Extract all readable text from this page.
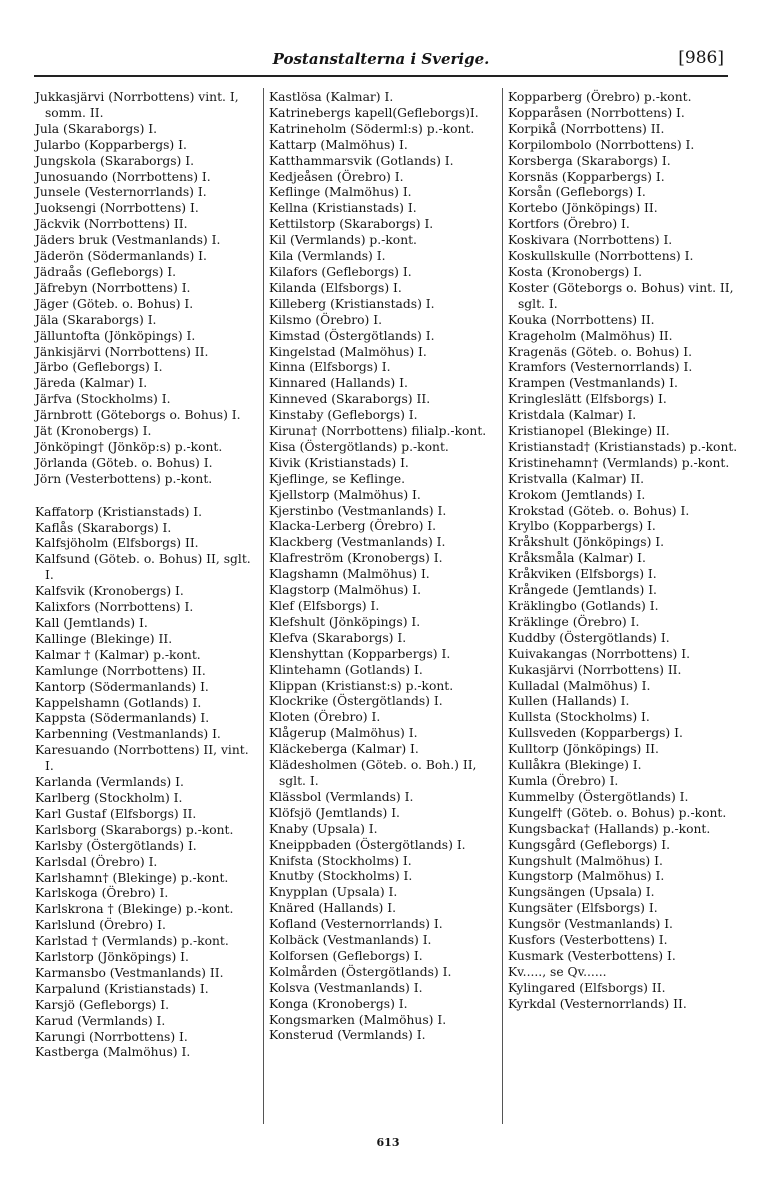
Postanstalterna i Sverige.	[986]
Jukkasjärvi (Norrbottens) vint. I, somm. II.
Jula (Skaraborgs) I.
Jularbo (Kopparbergs) I.
Jungskola (Skaraborgs) I.
Junosuando (Norrbottens) I.
Junsele (Vesternorrlands) I.
Juoksengi (Norrbottens) I.
Jäckvik (Norrbottens) II.
Jäders bruk (Vestmanlands) I.
Jäderön (Södermanlands) I.
Jädraås (Gefleborgs) I.
Jäfrebyn (Norrbottens) I.
Jäger (Göteb. o. Bohus) I.
Jäla (Skaraborgs) I.
Jälluntofta (Jönköpings) I.
Jänkisjärvi (Norrbottens) II.
Järbo (Gefleborgs) I.
Järeda (Kalmar) I.
Järfva (Stockholms) I.
Järnbrott (Göteborgs o. Bohus) I.
Jät (Kronobergs) I.
Jönköping† (Jönköp:s) p.-kont.
Jörlanda (Göteb. o. Bohus) I.
Jörn (Vesterbottens) p.-kont.
Kaffatorp (Kristianstads) I.
Kaflås (Skaraborgs) I.
Kalfsjöholm (Elfsborgs) II.
Kalfsund (Göteb. o. Bohus) II, sglt. I.
Kalfsvik (Kronobergs) I.
Kalixfors (Norrbottens) I.
Kall (Jemtlands) I.
Kallinge (Blekinge) II.
Kalmar † (Kalmar) p.-kont.
Kamlunge (Norrbottens) II.
Kantorp (Södermanlands) I.
Kappelshamn (Gotlands) I.
Kappsta (Södermanlands) I.
Karbenning (Vestmanlands) I.
Karesuando (Norrbottens) II, vint. I.
Karlanda (Vermlands) I.
Karlberg (Stockholm) I.
Karl Gustaf (Elfsborgs) II.
Karlsborg (Skaraborgs) p.-kont.
Karlsby (Östergötlands) I.
Karlsdal (Örebro) I.
Karlshamn† (Blekinge) p.-kont.
Karlskoga (Örebro) I.
Karlskrona † (Blekinge) p.-kont.
Karlslund (Örebro) I.
Karlstad † (Vermlands) p.-kont.
Karlstorp (Jönköpings) I.
Karmansbo (Vestmanlands) II.
Karpalund (Kristianstads) I.
Karsjö (Gefleborgs) I.
Karud (Vermlands) I.
Karungi (Norrbottens) I.
Kastberga (Malmöhus) I.
Kastlösa (Kalmar) I.
Katrinebergs kapell(Gefleborgs)I.
Katrineholm (Söderml:s) p.-kont.
Kattarp (Malmöhus) I.
Katthammarsvik (Gotlands) I.
Kedjeåsen (Örebro) I.
Keflinge (Malmöhus) I.
Kellna (Kristianstads) I.
Kettilstorp (Skaraborgs) I.
Kil (Vermlands) p.-kont.
Kila (Vermlands) I.
Kilafors (Gefleborgs) I.
Kilanda (Elfsborgs) I.
Killeberg (Kristianstads) I.
Kilsmo (Örebro) I.
Kimstad (Östergötlands) I.
Kingelstad (Malmöhus) I.
Kinna (Elfsborgs) I.
Kinnared (Hallands) I.
Kinneved (Skaraborgs) II.
Kinstaby (Gefleborgs) I.
Kiruna† (Norrbottens) filialp.-kont.
Kisa (Östergötlands) p.-kont.
Kivik (Kristianstads) I.
Kjeflinge, se Keflinge.
Kjellstorp (Malmöhus) I.
Kjerstinbo (Vestmanlands) I.
Klacka-Lerberg (Örebro) I.
Klackberg (Vestmanlands) I.
Klafreström (Kronobergs) I.
Klagshamn (Malmöhus) I.
Klagstorp (Malmöhus) I.
Klef (Elfsborgs) I.
Klefshult (Jönköpings) I.
Klefva (Skaraborgs) I.
Klenshyttan (Kopparbergs) I.
Klintehamn (Gotlands) I.
Klippan (Kristianst:s) p.-kont.
Klockrike (Östergötlands) I.
Kloten (Örebro) I.
Klågerup (Malmöhus) I.
Kläckeberga (Kalmar) I.
Klädesholmen (Göteb. o. Boh.) II, sglt. I.
Klässbol (Vermlands) I.
Klöfsjö (Jemtlands) I.
Knaby (Upsala) I.
Kneippbaden (Östergötlands) I.
Knifsta (Stockholms) I.
Knutby (Stockholms) I.
Knypplan (Upsala) I.
Knäred (Hallands) I.
Kofland (Vesternorrlands) I.
Kolbäck (Vestmanlands) I.
Kolforsen (Gefleborgs) I.
Kolmården (Östergötlands) I.
Kolsva (Vestmanlands) I.
Konga (Kronobergs) I.
Kongsmarken (Malmöhus) I.
Konsterud (Vermlands) I.
Kopparberg (Örebro) p.-kont.
Kopparåsen (Norrbottens) I.
Korpikå (Norrbottens) II.
Korpilombolo (Norrbottens) I.
Korsberga (Skaraborgs) I.
Korsnäs (Kopparbergs) I.
Korsån (Gefleborgs) I.
Kortebo (Jönköpings) II.
Kortfors (Örebro) I.
Koskivara (Norrbottens) I.
Koskullskulle (Norrbottens) I.
Kosta (Kronobergs) I.
Koster (Göteborgs o. Bohus) vint. II, sglt. I.
Kouka (Norrbottens) II.
Krageholm (Malmöhus) II.
Kragenäs (Göteb. o. Bohus) I.
Kramfors (Vesternorrlands) I.
Krampen (Vestmanlands) I.
Kringleslätt (Elfsborgs) I.
Kristdala (Kalmar) I.
Kristianopel (Blekinge) II.
Kristianstad† (Kristianstads) p.-kont.
Kristinehamn† (Vermlands) p.-kont.
Kristvalla (Kalmar) II.
Krokom (Jemtlands) I.
Krokstad (Göteb. o. Bohus) I.
Krylbo (Kopparbergs) I.
Kråkshult (Jönköpings) I.
Kråksmåla (Kalmar) I.
Kråkviken (Elfsborgs) I.
Krångede (Jemtlands) I.
Kräklingbo (Gotlands) I.
Kräklinge (Örebro) I.
Kuddby (Östergötlands) I.
Kuivakangas (Norrbottens) I.
Kukasjärvi (Norrbottens) II.
Kulladal (Malmöhus) I.
Kullen (Hallands) I.
Kullsta (Stockholms) I.
Kullsveden (Kopparbergs) I.
Kulltorp (Jönköpings) II.
Kullåkra (Blekinge) I.
Kumla (Örebro) I.
Kummelby (Östergötlands) I.
Kungelf† (Göteb. o. Bohus) p.-kont.
Kungsbacka† (Hallands) p.-kont.
Kungsgård (Gefleborgs) I.
Kungshult (Malmöhus) I.
Kungstorp (Malmöhus) I.
Kungsängen (Upsala) I.
Kungsäter (Elfsborgs) I.
Kungsör (Vestmanlands) I.
Kusfors (Vesterbottens) I.
Kusmark (Vesterbottens) I.
Kv....., se Qv......
Kylingared (Elfsborgs) II.
Kyrkdal (Vesternorrlands) II.
613
